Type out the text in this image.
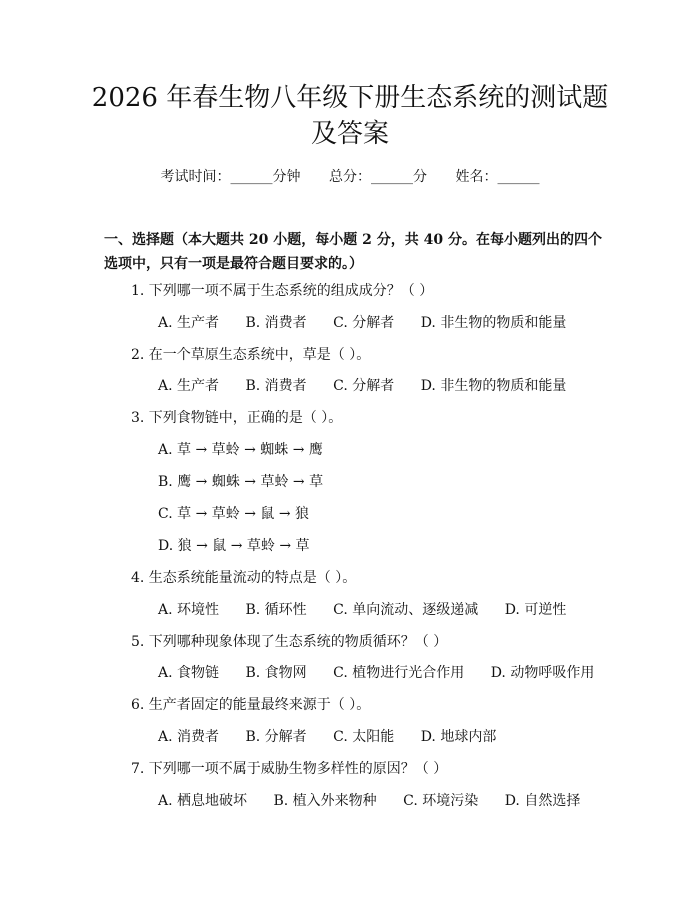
2026 年春生物八年级下册生态系统的测试题
及答案
考试时间：______分钟 总分：______分 姓名：______
一、选择题（本大题共 20 小题，每小题 2 分，共 40 分。在每小题列出的四个选项中，只有一项是最符合题目要求的。）
1. 下列哪一项不属于生态系统的组成成分？（ ）
A. 生产者 B. 消费者 C. 分解者 D. 非生物的物质和能量
2. 在一个草原生态系统中，草是（ ）。
A. 生产者 B. 消费者 C. 分解者 D. 非生物的物质和能量
3. 下列食物链中，正确的是（ ）。
A. 草 → 草蛉 → 蜘蛛 → 鹰
B. 鹰 → 蜘蛛 → 草蛉 → 草
C. 草 → 草蛉 → 鼠 → 狼
D. 狼 → 鼠 → 草蛉 → 草
4. 生态系统能量流动的特点是（ ）。
A. 环境性 B. 循环性 C. 单向流动、逐级递减 D. 可逆性
5. 下列哪种现象体现了生态系统的物质循环？（ ）
A. 食物链 B. 食物网 C. 植物进行光合作用 D. 动物呼吸作用
6. 生产者固定的能量最终来源于（ ）。
A. 消费者 B. 分解者 C. 太阳能 D. 地球内部
7. 下列哪一项不属于威胁生物多样性的原因？（ ）
A. 栖息地破坏 B. 植入外来物种 C. 环境污染 D. 自然选择
